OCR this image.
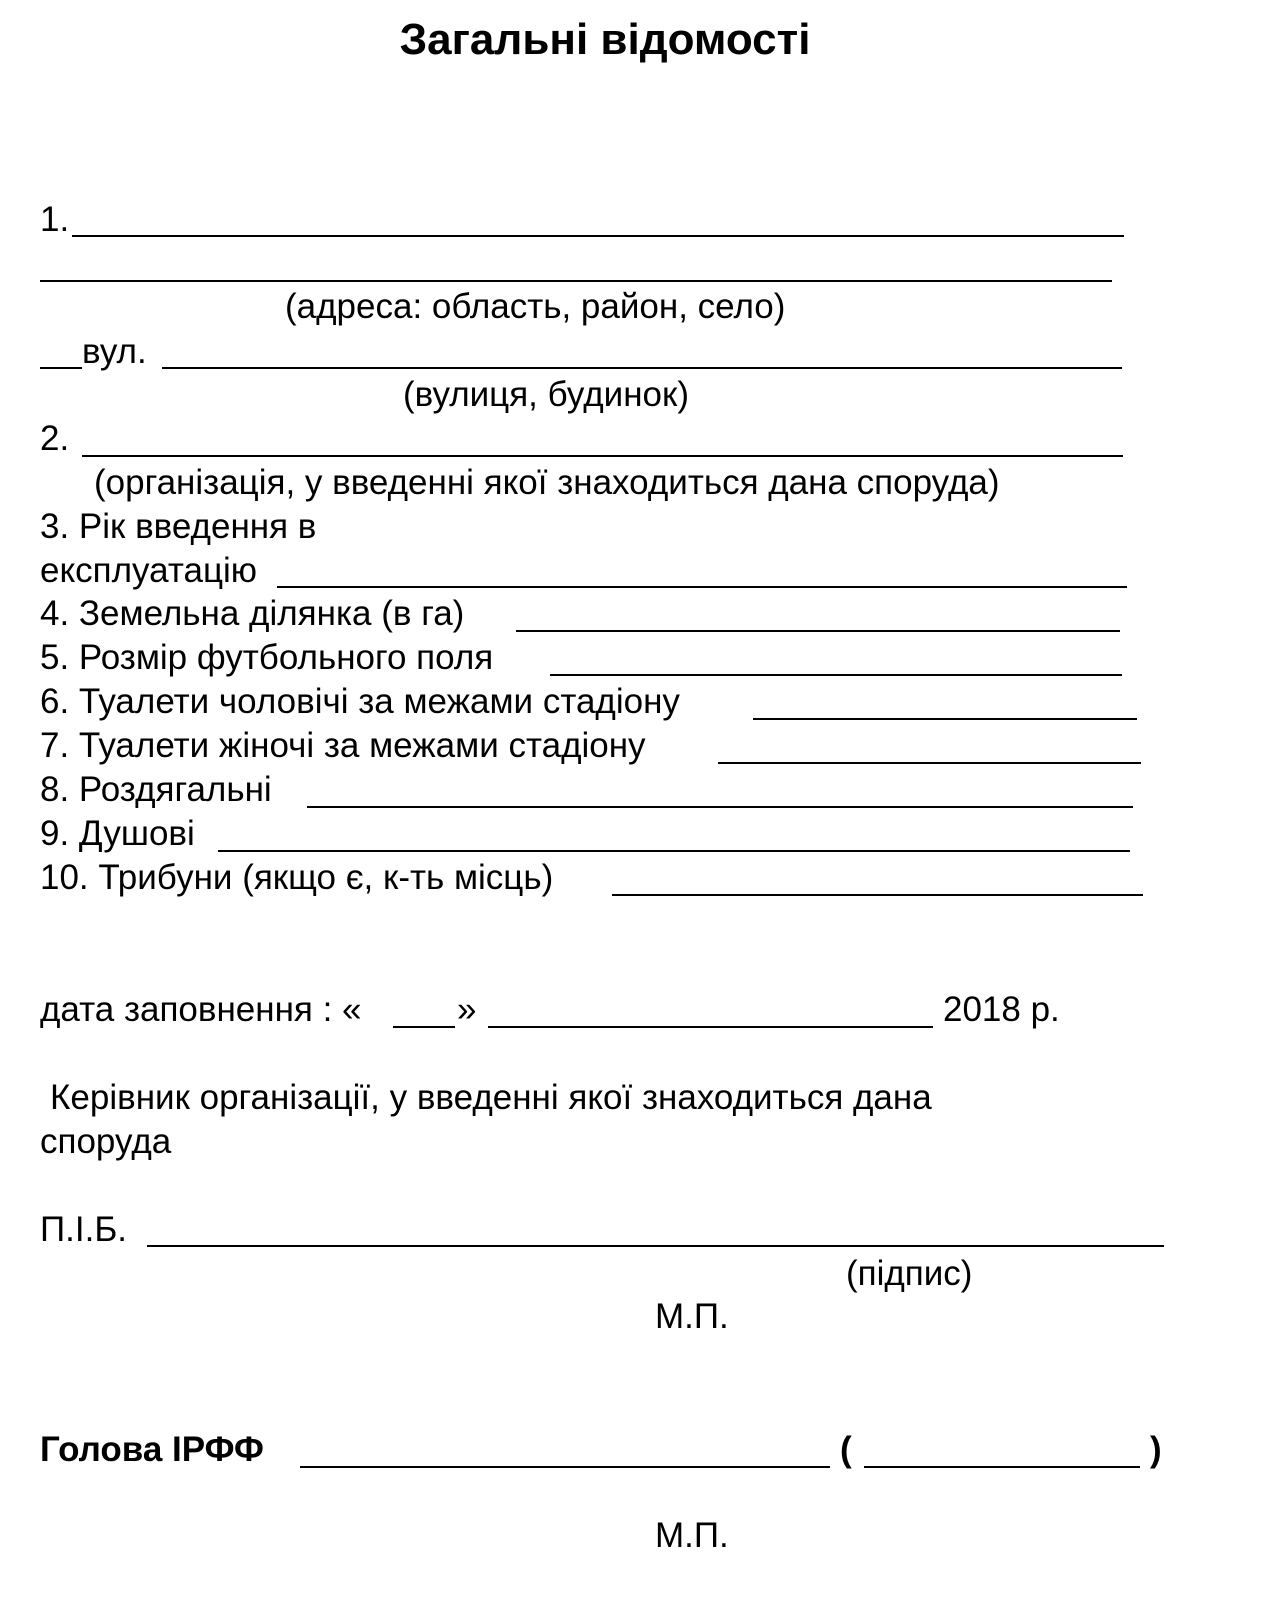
Загальні відомості
1.
(адреса: область, район, село)
вул.
(вулиця, будинок)
2.
(організація, у введенні якої знаходиться дана споруда)
3. Рік введення в
експлуатацію
4. Земельна ділянка (в га)
5. Розмір футбольного поля
6. Туалети чоловічі за межами стадіону
7. Туалети жіночі за межами стадіону
8. Роздягальні
9. Душові
10. Трибуни (якщо є, к-ть місць)
дата заповнення : «	»	2018 р.
Керівник організації, у введенні якої знаходиться дана
споруда
П.І.Б.
(підпис)
М.П.
Голова ІРФФ	(	)
М.П.
